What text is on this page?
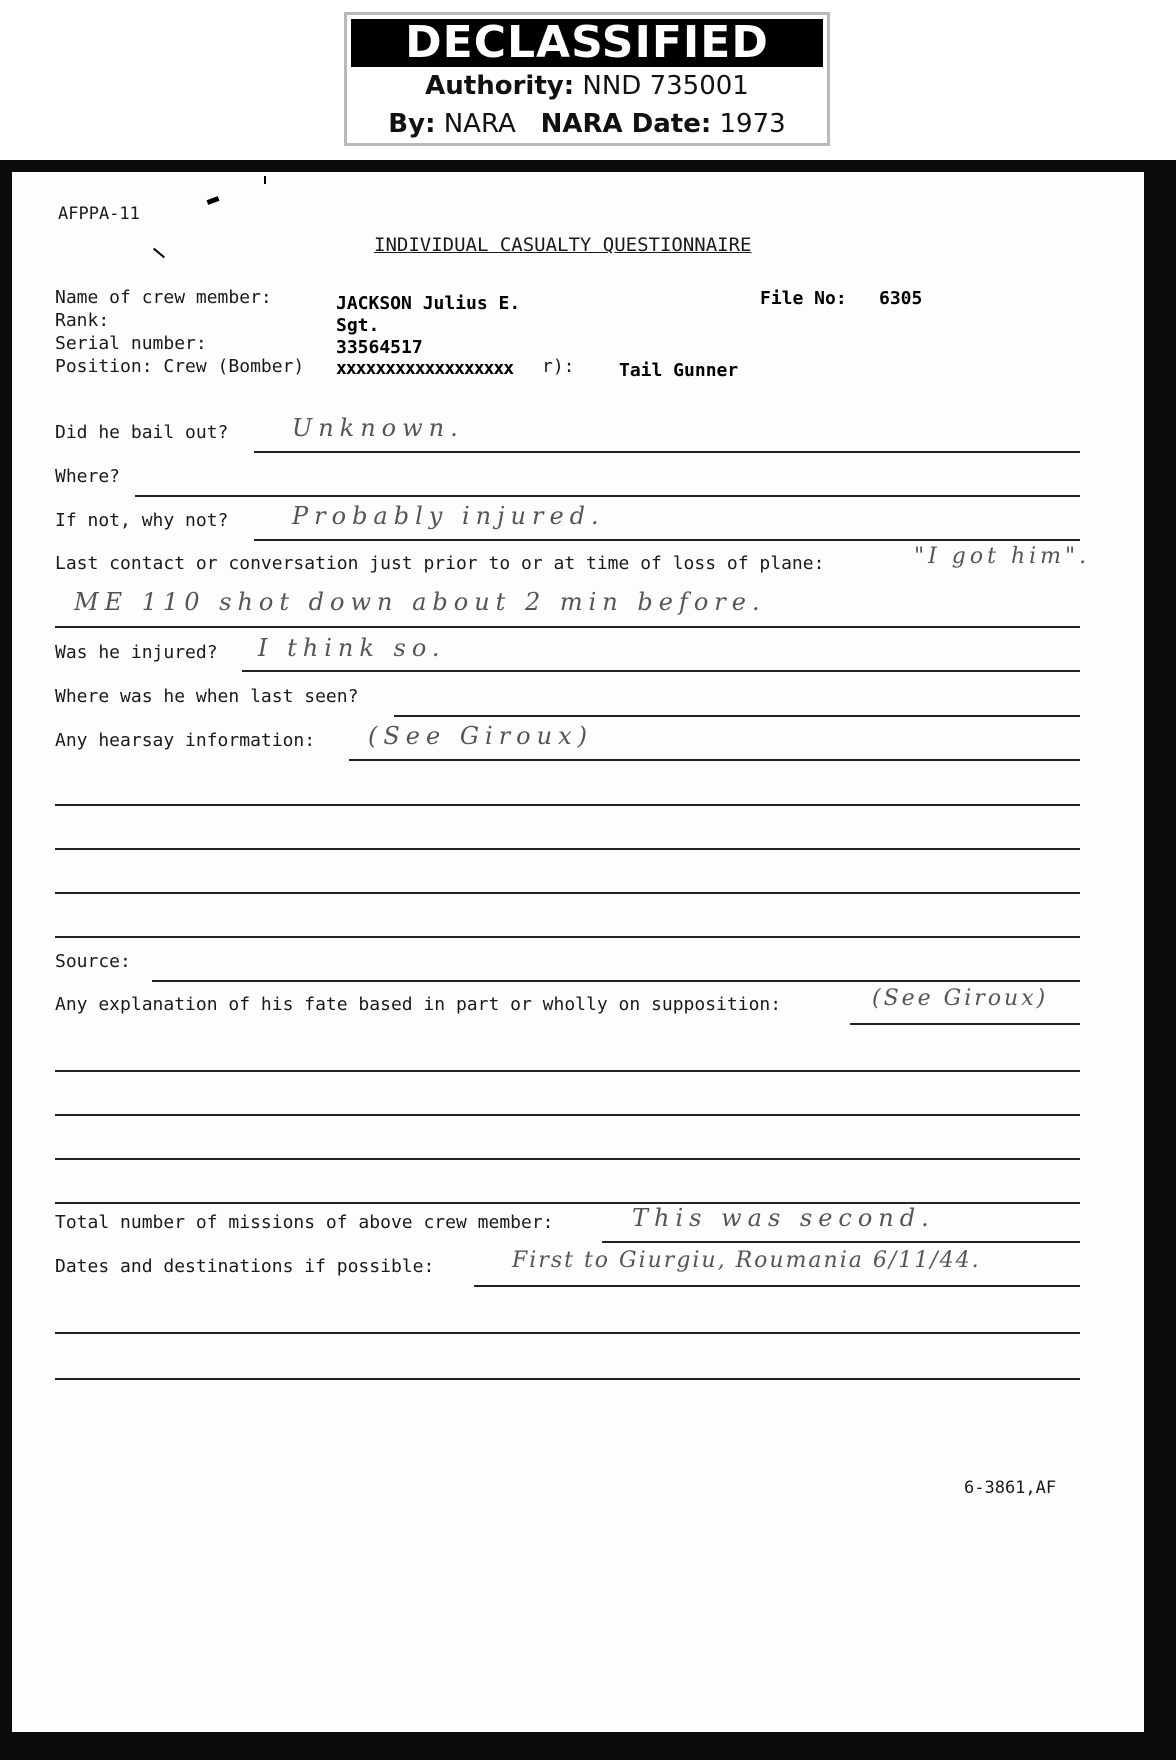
DECLASSIFIED
Authority: NND 735001
By: NARA NARA Date: 1973
AFPPA-11
INDIVIDUAL CASUALTY QUESTIONNAIRE
Name of crew member:	JACKSON Julius E.	File No: 6305
Rank:	Sgt.
Serial number:	33564517
Position: Crew (Bomber) xxxxxxxxxxxxxxxxxx r): Tail Gunner
Did he bail out?	Unknown.
Where?
If not, why not?	Probably injured.
Last contact or conversation just prior to or at time of loss of plane:	"I got him".
ME 110 shot down about 2 min before.
Was he injured? I think so.
Where was he when last seen?
Any hearsay information: (See Giroux)
Source:
Any explanation of his fate based in part or wholly on supposition:	(See Giroux)
Total number of missions of above crew member:	This was second.
Dates and destinations if possible:	First to Giurgiu, Roumania 6/11/44.
6-3861,AF
